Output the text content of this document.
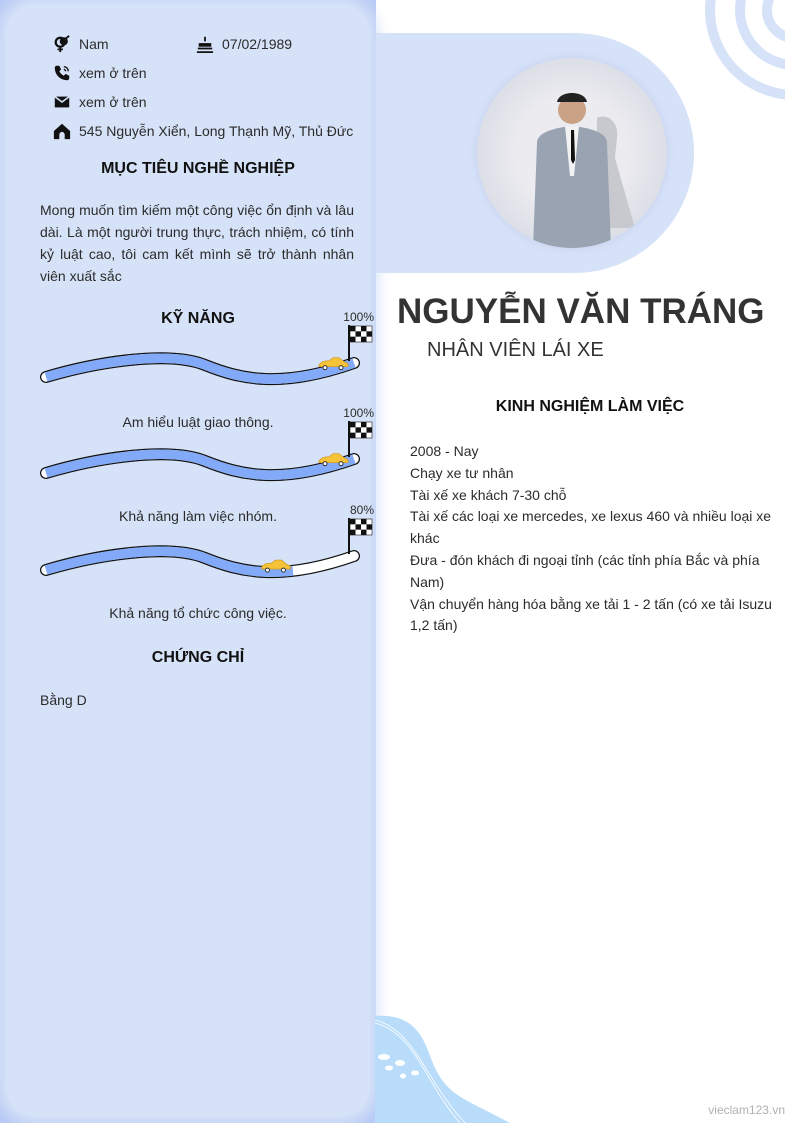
Nam	07/02/1989
xem ở trên
xem ở trên
545 Nguyễn Xiển, Long Thạnh Mỹ, Thủ Đức
MỤC TIÊU NGHỀ NGHIỆP
Mong muốn tìm kiếm một công việc ổn định và lâu dài. Là một người trung thực, trách nhiệm, có tính kỷ luật cao, tôi cam kết mình sẽ trở thành nhân viên xuất sắc
KỸ NĂNG	100%
Am hiểu luật giao thông.
100%
Khả năng làm việc nhóm.	80%
Khả năng tổ chức công việc.
CHỨNG CHỈ
Bằng D
NGUYỄN VĂN TRÁNG
NHÂN VIÊN LÁI XE
KINH NGHIỆM LÀM VIỆC
2008 - Nay
Chạy xe tư nhân
Tài xế xe khách 7-30 chỗ
Tài xế các loại xe mercedes, xe lexus 460 và nhiều loại xe khác
Đưa - đón khách đi ngoại tỉnh (các tỉnh phía Bắc và phía Nam)
Vận chuyển hàng hóa bằng xe tải 1 - 2 tấn (có xe tải Isuzu 1,2 tấn)
vieclam123.vn
